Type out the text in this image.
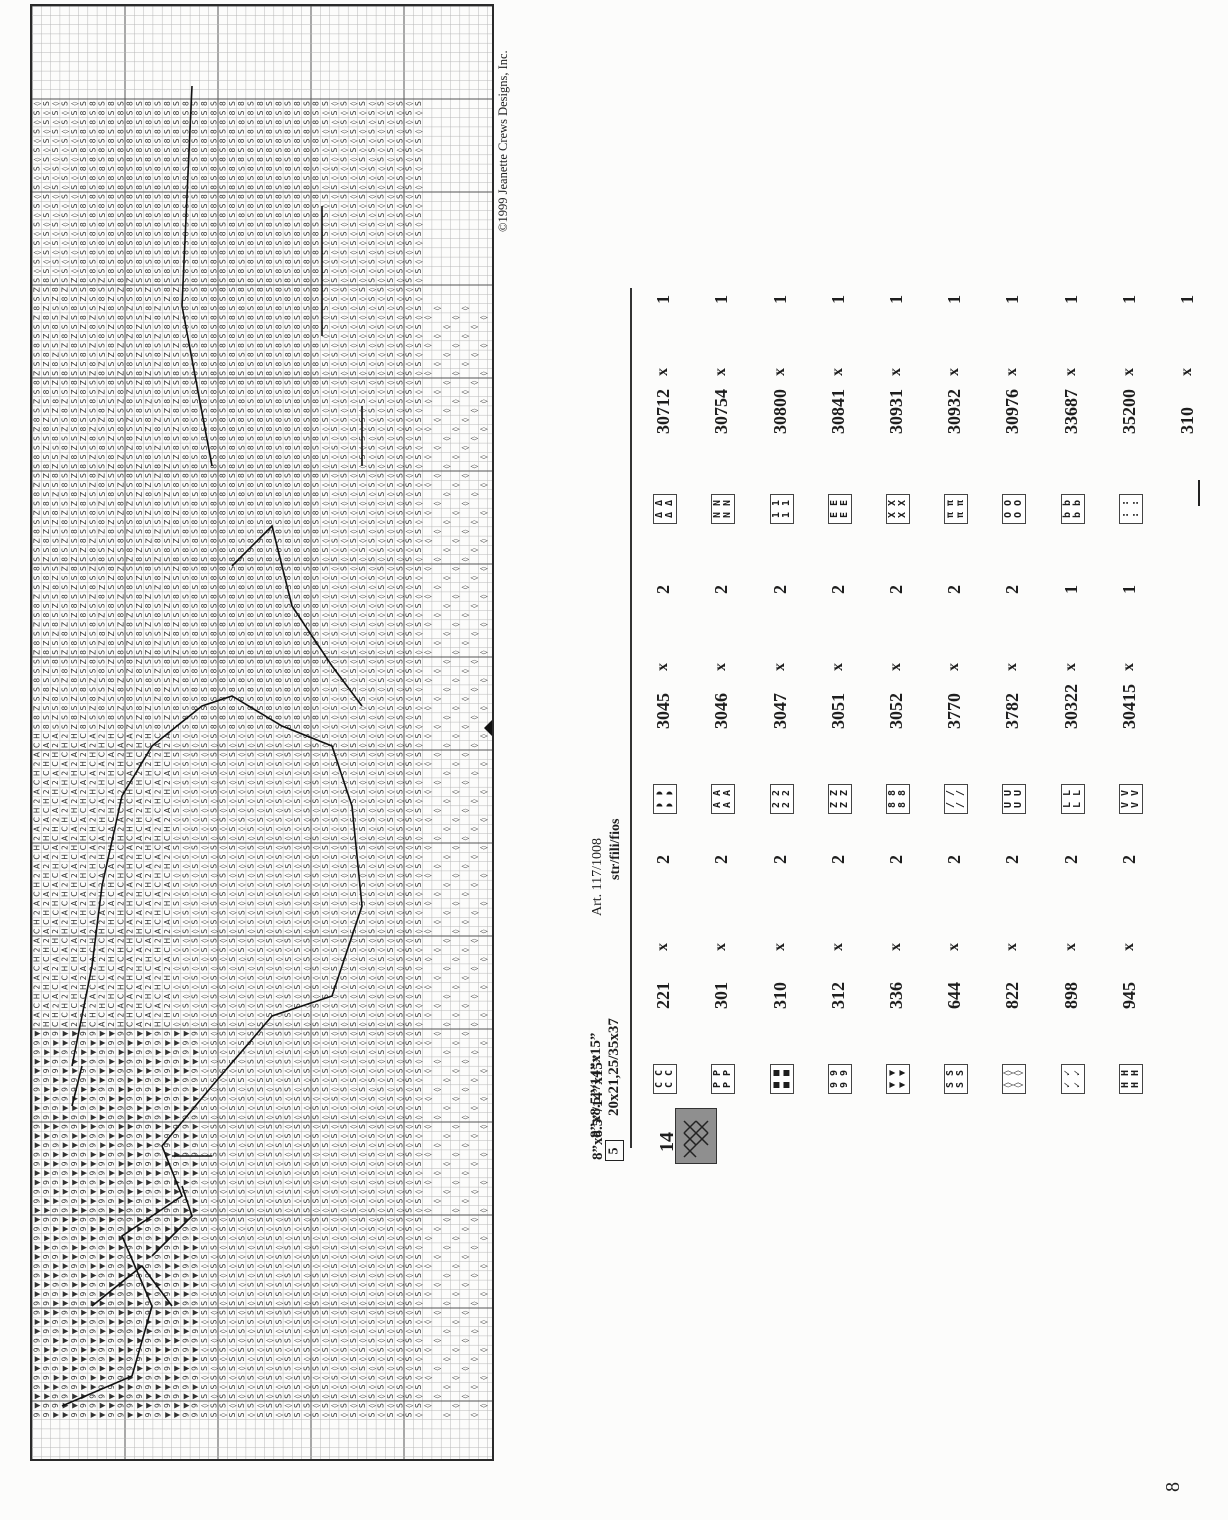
◊
S
◊
S
◊
S
◊
S
◊
S
◊
S
◊
S
◊
S
◊
S
◊
S
Z
S
8
Z
S
S
8
S
S
Z
8
S
Z
S
8
Z
S
S
8
S
S
Z
8
S
Z
S
8
Z
S
S
8
S
S
Z
8
S
Z
S
8
Z
S
S
8
S
S
Z
8
S
H
C
A
2
H
C
A
2
H
C
A
2
H
C
A
2
H
C
A
2
H
C
A
2
H
C
A
2
H
C
A
2
▼
9
9
▼
▼
9
9
▼
▼
9
9
▼
▼
9
9
▼
▼
9
9
▼
▼
9
9
▼
▼
9
9
▼
▼
9
9
▼
▼
9
9
▼
▼
9
9
▼
▼
9
S
◊
S
◊
S
◊
S
◊
S
◊
S
◊
S
◊
S
◊
S
◊
S
8
S
S
Z
8
S
Z
S
8
Z
S
S
8
S
S
Z
8
S
Z
S
8
Z
S
S
8
S
S
Z
8
S
Z
S
8
Z
S
S
8
S
S
Z
8
S
Z
S
8
Z
S
S
8
C
A
2
H
C
A
2
H
C
A
2
H
C
A
2
H
C
A
2
H
C
A
2
H
C
A
2
H
C
A
2
H
9
9
▼
▼
9
9
▼
▼
9
9
▼
▼
9
9
▼
▼
9
9
▼
▼
9
9
▼
▼
9
9
▼
▼
9
9
▼
▼
9
9
▼
▼
9
9
▼
▼
9
9
◊
S
◊
S
◊
S
◊
S
◊
S
◊
S
◊
S
◊
S
◊
S
◊
S
8
Z
S
S
8
S
S
Z
8
S
Z
S
8
Z
S
S
8
S
S
Z
8
S
Z
S
8
Z
S
S
8
S
S
Z
8
S
Z
S
8
Z
S
S
8
S
S
Z
8
S
Z
S
A
2
H
C
A
2
H
C
A
2
H
C
A
2
H
C
A
2
H
C
A
2
H
C
A
2
H
C
A
2
H
C
9
▼
▼
9
9
▼
▼
9
9
▼
▼
9
9
▼
▼
9
9
▼
▼
9
9
▼
▼
9
9
▼
▼
9
9
▼
▼
9
9
▼
▼
9
9
▼
▼
9
9
▼
S
◊
S
◊
S
◊
S
◊
S
◊
S
◊
S
◊
S
◊
S
◊
S
S
Z
8
S
Z
S
8
Z
S
S
8
S
S
Z
8
S
Z
S
8
Z
S
S
8
S
S
Z
8
S
Z
S
8
Z
S
S
8
S
S
Z
8
S
Z
S
8
Z
S
S
8
S
S
2
H
C
A
2
H
C
A
2
H
C
A
2
H
C
A
2
H
C
A
2
H
C
A
2
H
C
A
2
H
C
A
▼
▼
9
9
▼
▼
9
9
▼
▼
9
9
▼
▼
9
9
▼
▼
9
9
▼
▼
9
9
▼
▼
9
9
▼
▼
9
9
▼
▼
9
9
▼
▼
9
9
▼
▼
◊
S
◊
S
◊
S
◊
S
◊
S
◊
S
◊
S
◊
S
◊
S
◊
Z
S
S
8
S
S
Z
8
S
Z
S
8
Z
S
S
8
S
S
Z
8
S
Z
S
8
Z
S
S
8
S
S
Z
8
S
Z
S
8
Z
S
S
8
S
S
Z
8
S
Z
S
8
Z
H
C
A
2
H
C
A
2
H
C
A
2
H
C
A
2
H
C
A
2
H
C
A
2
H
C
A
2
H
C
A
2
▼
9
9
▼
▼
9
9
▼
▼
9
9
▼
▼
9
9
▼
▼
9
9
▼
▼
9
9
▼
▼
9
9
▼
▼
9
9
▼
▼
9
9
▼
▼
9
9
▼
▼
9
S
8
S
8
S
8
S
8
S
8
S
8
S
8
S
8
S
8
S
8
S
Z
S
8
Z
S
S
8
S
S
Z
8
S
Z
S
8
Z
S
S
8
S
S
Z
8
S
Z
S
8
Z
S
S
8
S
S
Z
8
S
Z
S
8
Z
S
S
8
S
S
Z
8
C
A
2
H
C
A
2
H
C
A
2
H
C
A
2
H
C
A
2
H
C
A
2
H
C
A
2
H
C
A
2
H
9
9
▼
▼
9
9
▼
▼
9
9
▼
▼
9
9
▼
▼
9
9
▼
▼
9
9
▼
▼
9
9
▼
▼
9
9
▼
▼
9
9
▼
▼
9
9
▼
▼
9
9
8
S
8
S
8
S
8
S
8
S
8
S
8
S
8
S
8
S
8
S
8
S
S
Z
8
S
Z
S
8
Z
S
S
8
S
S
Z
8
S
Z
S
8
Z
S
S
8
S
S
Z
8
S
Z
S
8
Z
S
S
8
S
S
Z
8
S
Z
S
8
Z
S
S
A
2
H
C
A
2
H
C
A
2
H
C
A
2
H
C
A
2
H
C
A
2
H
C
A
2
H
C
A
2
H
C
9
▼
▼
9
9
▼
▼
9
9
▼
▼
9
9
▼
▼
9
9
▼
▼
9
9
▼
▼
9
9
▼
▼
9
9
▼
▼
9
9
▼
▼
9
9
▼
▼
9
9
▼
S
8
S
8
S
8
S
8
S
8
S
8
S
8
S
8
S
8
S
Z
S
8
Z
S
S
8
S
S
Z
8
S
Z
S
8
Z
S
S
8
S
S
Z
8
S
Z
S
8
Z
S
S
8
S
S
Z
8
S
Z
S
8
Z
S
S
8
S
S
Z
8
S
Z
2
H
C
A
2
H
C
A
2
H
C
A
2
H
C
A
2
H
C
A
2
H
C
A
2
H
C
A
2
H
C
A
▼
▼
9
9
▼
▼
9
9
▼
▼
9
9
▼
▼
9
9
▼
▼
9
9
▼
▼
9
9
▼
▼
9
9
▼
▼
9
9
▼
▼
9
9
▼
▼
9
9
▼
▼
8
S
8
S
8
S
8
S
8
S
8
S
8
S
8
S
8
S
8
S
S
Z
8
S
Z
S
8
Z
S
S
8
S
S
Z
8
S
Z
S
8
Z
S
S
8
S
S
Z
8
S
Z
S
8
Z
S
S
8
S
S
Z
8
S
Z
S
8
Z
S
S
8
S
H
C
A
2
H
C
A
2
H
C
A
2
H
C
A
2
H
C
A
2
H
C
A
2
H
C
A
2
H
C
A
2
▼
9
9
▼
▼
9
9
▼
▼
9
9
▼
▼
9
9
▼
▼
9
9
▼
▼
9
9
▼
▼
9
9
▼
▼
9
9
▼
▼
9
9
▼
▼
9
9
▼
▼
9
S
8
S
8
S
8
S
8
S
8
S
8
S
8
S
8
S
8
S
8
Z
S
S
8
S
S
Z
8
S
Z
S
8
Z
S
S
8
S
S
Z
8
S
Z
S
8
Z
S
S
8
S
S
Z
8
S
Z
S
8
Z
S
S
8
S
S
Z
8
S
Z
S
8
C
A
2
H
C
A
2
H
C
A
2
H
C
A
2
H
C
A
2
H
C
A
2
H
C
A
2
H
C
A
2
H
9
9
▼
▼
9
9
▼
▼
9
9
▼
▼
9
9
▼
▼
9
9
▼
▼
9
9
▼
▼
9
9
▼
▼
9
9
▼
▼
9
9
▼
▼
9
9
▼
▼
9
9
8
S
8
S
8
S
8
S
8
S
8
S
8
S
8
S
8
S
8
Z
8
S
Z
S
8
Z
S
S
8
S
S
Z
8
S
Z
S
8
Z
S
S
8
S
S
Z
8
S
Z
S
8
Z
S
S
8
S
S
Z
8
S
Z
S
8
Z
S
S
8
S
S
Z
A
2
H
C
A
2
H
C
A
2
H
C
A
2
H
C
A
2
H
C
A
2
H
C
A
2
H
C
A
2
H
C
9
▼
▼
9
9
▼
▼
9
9
▼
▼
9
9
▼
▼
9
9
▼
▼
9
9
▼
▼
9
9
▼
▼
9
9
▼
▼
9
9
▼
▼
9
9
▼
▼
9
9
▼
S
8
S
8
S
8
S
8
S
8
S
8
S
8
S
8
S
8
S
S
S
8
S
S
Z
8
S
Z
S
8
Z
S
S
8
S
S
Z
8
S
Z
S
8
Z
S
S
8
S
S
Z
8
S
Z
S
8
Z
S
S
8
S
S
Z
8
S
Z
S
8
Z
S
2
H
C
A
2
H
C
A
2
H
C
A
2
H
C
A
2
H
C
A
2
H
C
A
2
H
C
A
2
H
C
A
▼
▼
9
9
▼
▼
9
9
▼
▼
9
9
▼
▼
9
9
▼
▼
9
9
▼
▼
9
9
▼
▼
9
9
▼
▼
9
9
▼
▼
9
9
▼
▼
9
9
▼
▼
8
S
8
S
8
S
8
S
8
S
8
S
8
S
8
S
8
S
8
S
Z
S
8
Z
S
S
8
S
S
Z
8
S
Z
S
8
Z
S
S
8
S
S
Z
8
S
Z
S
8
Z
S
S
8
S
S
Z
8
S
Z
S
8
Z
S
S
8
S
S
Z
8
S
H
C
A
2
H
C
A
2
H
C
A
2
H
C
A
2
H
C
A
2
H
C
A
2
H
C
A
2
H
C
A
2
▼
9
9
▼
▼
9
9
▼
▼
9
9
▼
▼
9
9
▼
▼
9
9
▼
▼
9
9
▼
▼
9
9
▼
▼
9
9
▼
▼
9
9
▼
▼
9
9
▼
▼
9
S
8
S
8
S
8
S
8
S
8
S
8
S
8
S
8
S
8
S
8
S
S
Z
8
S
Z
S
8
Z
S
S
8
S
S
Z
8
S
Z
S
8
Z
S
S
8
S
S
Z
8
S
Z
S
8
Z
S
S
8
S
S
Z
8
S
Z
S
8
Z
S
S
8
C
A
2
H
C
A
2
H
C
A
2
H
C
A
2
H
C
A
2
H
C
A
2
H
C
A
2
H
C
A
2
H
9
9
▼
▼
9
9
▼
▼
9
9
▼
▼
9
9
▼
▼
9
9
▼
▼
9
9
▼
▼
9
9
▼
▼
9
9
▼
▼
9
9
▼
▼
9
9
▼
▼
9
9
8
S
8
S
8
S
8
S
8
S
8
S
8
S
8
S
8
S
8
S
8
Z
S
S
8
S
S
Z
8
S
Z
S
8
Z
S
S
8
S
S
Z
8
S
Z
S
8
Z
S
S
8
S
S
Z
8
S
Z
S
8
Z
S
S
8
S
S
Z
8
S
Z
S
A
2
H
C
A
2
H
C
A
2
H
C
A
2
H
C
A
2
H
C
A
2
H
C
A
2
H
C
A
2
H
C
9
▼
▼
9
9
▼
▼
9
9
▼
▼
9
9
▼
▼
9
9
▼
▼
9
9
▼
▼
9
9
▼
▼
9
9
▼
▼
9
9
▼
▼
9
9
▼
▼
9
9
▼
S
8
S
8
S
8
S
8
S
8
S
8
S
8
S
8
S
8
S
S
Z
8
S
Z
S
8
Z
S
S
8
S
S
Z
8
S
Z
S
8
Z
S
S
8
S
S
Z
8
S
Z
S
8
Z
S
S
8
S
S
Z
8
S
Z
S
8
Z
S
S
8
S
S
S
◊
S
◊
S
◊
S
◊
S
◊
S
◊
S
◊
S
◊
S
◊
S
◊
S
◊
S
◊
S
◊
S
◊
S
◊
S
◊
▼
▼
9
9
▼
▼
9
9
▼
▼
9
9
▼
▼
9
9
▼
▼
9
9
▼
▼
9
9
▼
▼
9
9
▼
▼
9
9
▼
▼
9
9
▼
▼
9
9
▼
▼
8
S
8
S
8
S
8
S
8
S
8
S
8
S
8
S
8
S
8
S
8
S
8
S
8
S
8
S
8
S
8
S
8
S
8
S
8
S
8
S
8
S
8
S
8
S
8
S
8
S
8
S
8
S
8
S
8
S
8
S
8
S
8
S
8
S
8
S
◊
S
◊
S
◊
S
◊
S
◊
S
◊
S
◊
S
◊
S
◊
S
◊
S
◊
S
◊
S
◊
S
◊
S
◊
S
◊
S
▼
9
9
▼
▼
9
9
▼
▼
9
9
▼
▼
9
9
▼
▼
9
9
▼
▼
9
9
▼
▼
9
9
▼
▼
9
9
▼
▼
9
9
▼
▼
9
9
▼
▼
9
S
8
S
8
S
8
S
8
S
8
S
8
S
8
S
8
S
8
S
8
S
8
S
8
S
8
S
8
S
8
S
8
S
8
S
8
S
8
S
8
S
8
S
8
S
8
S
8
S
8
S
8
S
8
S
8
S
8
S
8
S
8
S
8
S
8
S
8
S
◊
S
◊
S
◊
S
◊
S
◊
S
◊
S
◊
S
◊
S
◊
S
◊
S
◊
S
◊
S
◊
S
◊
S
◊
S
◊
9
9
▼
▼
9
9
▼
▼
9
9
▼
▼
9
9
▼
▼
9
9
▼
▼
9
9
▼
▼
9
9
▼
▼
9
9
▼
▼
9
9
▼
▼
9
9
▼
▼
9
9
8
S
8
S
8
S
8
S
8
S
8
S
8
S
8
S
8
S
8
S
8
S
8
S
8
S
8
S
8
S
8
S
8
S
8
S
8
S
8
S
8
S
8
S
8
S
8
S
8
S
8
S
8
S
8
S
8
S
8
S
8
S
8
S
8
S
8
S
◊
S
◊
S
◊
S
◊
S
◊
S
◊
S
◊
S
◊
S
◊
S
◊
S
◊
S
◊
S
◊
S
◊
S
◊
S
◊
S
S
◊
S
S
◊
S
S
◊
S
S
◊
S
S
◊
S
S
◊
S
S
◊
S
S
◊
S
S
◊
S
S
◊
S
S
◊
S
S
◊
S
S
◊
S
S
◊
S
S
8
S
8
S
8
S
8
S
8
S
8
S
8
S
8
S
8
S
8
S
8
S
8
S
8
S
8
S
8
S
8
S
8
S
8
S
8
S
8
S
8
S
8
S
8
S
8
S
8
S
8
S
8
S
8
S
8
S
8
S
8
S
8
S
8
S
8
S
◊
S
◊
S
◊
S
◊
S
◊
S
◊
S
◊
S
◊
S
◊
S
◊
S
◊
S
◊
S
◊
S
◊
S
◊
S
◊
◊
S
S
◊
S
S
◊
S
S
◊
S
S
◊
S
S
◊
S
S
◊
S
S
◊
S
S
◊
S
S
◊
S
S
◊
S
S
◊
S
S
◊
S
S
◊
S
S
8
S
8
S
8
S
8
S
8
S
8
S
8
S
8
S
8
S
8
S
8
S
8
S
8
S
8
S
8
S
8
S
8
S
8
S
8
S
8
S
8
S
8
S
8
S
8
S
8
S
8
S
8
S
8
S
8
S
8
S
8
S
8
S
8
S
8
S
◊
S
◊
S
◊
S
◊
S
◊
S
◊
S
◊
S
◊
S
◊
S
◊
S
◊
S
◊
S
◊
S
◊
S
◊
S
◊
S
S
S
◊
S
S
◊
S
S
◊
S
S
◊
S
S
◊
S
S
◊
S
S
◊
S
S
◊
S
S
◊
S
S
◊
S
S
◊
S
S
◊
S
S
◊
S
S
◊
S
8
S
8
S
8
S
8
S
8
S
8
S
8
S
8
S
8
S
8
S
8
S
8
S
8
S
8
S
8
S
8
S
8
S
8
S
8
S
8
S
8
S
8
S
8
S
8
S
8
S
8
S
8
S
8
S
8
S
8
S
8
S
8
S
8
S
8
S
◊
S
◊
S
◊
S
◊
S
◊
S
◊
S
◊
S
◊
S
◊
S
◊
S
◊
S
◊
S
◊
S
◊
S
◊
S
◊
S
◊
S
S
◊
S
S
◊
S
S
◊
S
S
◊
S
S
◊
S
S
◊
S
S
◊
S
S
◊
S
S
◊
S
S
◊
S
S
◊
S
S
◊
S
S
◊
S
8
S
8
S
8
S
8
S
8
S
8
S
8
S
8
S
8
S
8
S
8
S
8
S
8
S
8
S
8
S
8
S
8
S
8
S
8
S
8
S
8
S
8
S
8
S
8
S
8
S
8
S
8
S
8
S
8
S
8
S
8
S
8
S
8
S
8
S
◊
S
◊
S
◊
S
◊
S
◊
S
◊
S
◊
S
◊
S
◊
S
◊
S
◊
S
◊
S
◊
S
◊
S
◊
S
◊
S
◊
S
S
◊
S
S
◊
S
S
◊
S
S
◊
S
S
◊
S
S
◊
S
S
◊
S
S
◊
S
S
◊
S
S
◊
S
S
◊
S
S
◊
S
S
◊
S
S
S
8
S
8
S
8
S
8
S
8
S
8
S
8
S
8
S
8
S
8
S
8
S
8
S
8
S
8
S
8
S
8
S
8
S
8
S
8
S
8
S
8
S
8
S
8
S
8
S
8
S
8
S
8
S
8
S
8
S
8
S
8
S
8
S
8
S
8
S
◊
S
◊
S
◊
S
◊
S
◊
S
◊
S
◊
S
◊
S
◊
S
◊
S
◊
S
◊
S
◊
S
◊
S
◊
S
◊
S
S
◊
S
S
◊
S
S
◊
S
S
◊
S
S
◊
S
S
◊
S
S
◊
S
S
◊
S
S
◊
S
S
◊
S
S
◊
S
S
◊
S
S
◊
S
S
◊
8
S
8
S
8
S
8
S
8
S
8
S
8
S
8
S
8
S
8
S
8
S
8
S
8
S
8
S
8
S
8
S
8
S
8
S
8
S
8
S
8
S
8
S
8
S
8
S
8
S
8
S
8
S
8
S
8
S
8
S
8
S
8
S
8
S
8
S
◊
S
◊
S
◊
S
◊
S
◊
S
◊
S
◊
S
◊
S
◊
S
◊
S
◊
S
◊
S
◊
S
◊
S
◊
S
◊
S
S
◊
S
S
◊
S
S
◊
S
S
◊
S
S
◊
S
S
◊
S
S
◊
S
S
◊
S
S
◊
S
S
◊
S
S
◊
S
S
◊
S
S
◊
S
S
◊
S
S
8
S
8
S
8
S
8
S
8
S
8
S
8
S
8
S
8
S
8
S
8
S
8
S
8
S
8
S
8
S
8
S
8
S
8
S
8
S
8
S
8
S
8
S
8
S
8
S
8
S
8
S
8
S
8
S
8
S
8
S
8
S
8
S
8
S
8
S
◊
S
◊
S
◊
S
◊
S
◊
S
◊
S
◊
S
◊
S
◊
S
◊
S
◊
S
◊
S
◊
S
◊
S
◊
S
◊
◊
S
S
◊
S
S
◊
S
S
◊
S
S
◊
S
S
◊
S
S
◊
S
S
◊
S
S
◊
S
S
◊
S
S
◊
S
S
◊
S
S
◊
S
S
◊
S
S
8
S
8
S
8
S
8
S
8
S
8
S
8
S
8
S
8
S
8
S
8
S
8
S
8
S
8
S
8
S
8
S
8
S
8
S
8
S
8
S
8
S
8
S
8
S
8
S
8
S
8
S
8
S
8
S
8
S
8
S
8
S
8
S
8
S
8
S
◊
S
◊
S
◊
S
◊
S
◊
S
◊
S
◊
S
◊
S
◊
S
◊
S
◊
S
◊
S
◊
S
◊
S
◊
S
◊
S
S
S
◊
S
S
◊
S
S
◊
S
S
◊
S
S
◊
S
S
◊
S
S
◊
S
S
◊
S
S
◊
S
S
◊
S
S
◊
S
S
◊
S
S
◊
S
S
◊
S
8
S
8
S
8
S
8
S
8
S
8
S
8
S
8
S
8
S
8
S
8
S
8
S
8
S
8
S
8
S
8
S
8
S
8
S
8
S
8
S
8
S
8
S
8
S
8
S
8
S
8
S
8
S
8
S
8
S
8
S
8
S
8
S
8
S
8
S
◊
S
◊
S
◊
S
◊
S
◊
S
◊
S
◊
S
◊
S
◊
S
◊
S
◊
S
◊
S
◊
S
◊
S
◊
S
◊
S
◊
S
S
◊
S
S
◊
S
S
◊
S
S
◊
S
S
◊
S
S
◊
S
S
◊
S
S
◊
S
S
◊
S
S
◊
S
S
◊
S
S
◊
S
S
◊
S
8
S
8
S
8
S
8
S
8
S
8
S
8
S
8
S
8
S
8
S
8
S
8
S
8
S
8
S
8
S
8
S
8
S
8
S
8
S
8
S
8
S
8
S
8
S
8
S
8
S
8
S
8
S
8
S
8
S
8
S
8
S
8
S
8
S
8
S
◊
S
◊
S
◊
S
◊
S
◊
S
◊
S
◊
S
◊
S
◊
S
◊
S
◊
S
◊
S
◊
S
◊
S
◊
S
◊
S
◊
S
S
◊
S
S
◊
S
S
◊
S
S
◊
S
S
◊
S
S
◊
S
S
◊
S
S
◊
S
S
◊
S
S
◊
S
S
◊
S
S
◊
S
S
◊
S
S
S
8
S
8
S
8
S
8
S
8
S
8
S
8
S
8
S
8
S
8
S
8
S
8
S
8
S
8
S
8
S
8
S
8
S
8
S
8
S
8
S
8
S
8
S
8
S
8
S
8
S
8
S
8
S
8
S
8
S
8
S
8
S
8
S
8
S
8
S
◊
S
◊
S
◊
S
◊
S
◊
S
◊
S
◊
S
◊
S
◊
S
◊
S
◊
S
◊
S
◊
S
◊
S
◊
S
◊
S
S
◊
S
S
◊
S
S
◊
S
S
◊
S
S
◊
S
S
◊
S
S
◊
S
S
◊
S
S
◊
S
S
◊
S
S
◊
S
S
◊
S
S
◊
S
S
◊
8
S
8
S
8
S
8
S
8
S
8
S
8
S
8
S
8
S
8
S
8
S
8
S
8
S
8
S
8
S
8
S
8
S
8
S
8
S
8
S
8
S
8
S
8
S
8
S
8
S
8
S
8
S
8
S
8
S
8
S
8
S
8
S
8
S
8
S
◊
S
◊
S
◊
S
◊
S
◊
S
◊
S
◊
S
◊
S
◊
S
◊
S
◊
S
◊
S
◊
S
◊
S
◊
S
◊
S
S
◊
S
S
◊
S
S
◊
S
S
◊
S
S
◊
S
S
◊
S
S
◊
S
S
◊
S
S
◊
S
S
◊
S
S
◊
S
S
◊
S
S
◊
S
S
◊
S
S
◊
S
◊
S
◊
S
◊
S
◊
S
◊
S
◊
S
◊
S
◊
S
◊
S
◊
S
◊
S
◊
S
◊
S
◊
S
◊
S
◊
S
◊
S
◊
S
◊
S
◊
S
◊
S
◊
S
◊
S
◊
S
◊
S
◊
S
◊
S
◊
S
◊
S
◊
S
◊
S
◊
S
◊
S
◊
S
◊
S
◊
S
◊
S
◊
S
◊
S
◊
S
◊
S
◊
S
◊
S
◊
S
◊
S
◊
S
◊
S
◊
S
◊
S
◊
S
◊
S
◊
S
◊
S
◊
S
◊
S
◊
S
◊
S
◊
S
◊
S
◊
S
◊
S
◊
S
◊
S
◊
S
◊
S
◊
S
◊
S
◊
S
◊
S
◊
◊
S
◊
S
◊
S
◊
S
◊
S
◊
S
◊
S
◊
S
◊
S
◊
S
◊
S
◊
S
◊
S
◊
S
◊
S
◊
S
◊
S
◊
S
◊
S
◊
S
◊
S
◊
S
◊
S
◊
S
◊
S
◊
S
◊
S
◊
S
◊
S
◊
S
◊
S
◊
S
◊
S
◊
S
◊
S
◊
S
◊
S
◊
S
◊
S
◊
S
◊
S
◊
S
◊
S
◊
S
◊
S
◊
S
◊
S
◊
S
◊
S
◊
S
◊
S
◊
S
◊
S
◊
S
◊
S
◊
S
◊
S
◊
S
◊
S
◊
S
◊
S
◊
S
◊
S
◊
S
◊
S
◊
S
◊
S
◊
S
◊
S
◊
S
◊
S
S
◊
S
◊
S
◊
S
◊
S
◊
S
◊
S
◊
S
◊
S
◊
S
◊
S
◊
S
◊
S
◊
S
◊
S
◊
S
◊
S
◊
S
◊
S
◊
S
◊
S
◊
S
◊
S
◊
S
◊
S
◊
S
◊
S
◊
S
◊
S
◊
S
◊
S
◊
S
◊
S
◊
S
◊
S
◊
S
◊
S
◊
S
◊
S
◊
S
◊
S
◊
S
◊
S
◊
S
◊
S
◊
S
◊
S
◊
S
◊
S
◊
S
◊
S
◊
S
◊
S
◊
S
◊
S
◊
S
◊
S
◊
S
◊
S
◊
S
◊
S
◊
S
◊
S
◊
S
◊
S
◊
S
◊
S
◊
S
◊
S
◊
S
◊
S
◊
◊
S
◊
S
◊
S
◊
S
◊
S
◊
S
◊
S
◊
S
◊
S
◊
S
◊
S
◊
S
◊
S
◊
S
◊
S
◊
S
◊
S
◊
S
◊
S
◊
S
◊
S
◊
S
◊
S
◊
S
◊
S
◊
S
◊
S
◊
S
◊
S
◊
S
◊
S
◊
S
◊
S
◊
S
◊
S
◊
S
◊
S
◊
S
◊
S
◊
S
◊
S
◊
S
◊
S
◊
S
◊
S
◊
S
◊
S
◊
S
◊
S
◊
S
◊
S
◊
S
◊
S
◊
S
◊
S
◊
S
◊
S
◊
S
◊
S
◊
S
◊
S
◊
S
◊
S
◊
S
◊
S
◊
S
◊
S
◊
S
◊
S
◊
S
◊
S
S
◊
S
◊
S
◊
S
◊
S
◊
S
◊
S
◊
S
◊
S
◊
S
◊
S
◊
S
◊
S
◊
S
◊
S
◊
S
◊
S
◊
S
◊
S
◊
S
◊
S
◊
S
◊
S
◊
S
◊
S
◊
S
◊
S
◊
S
◊
S
◊
S
◊
S
◊
S
◊
S
◊
S
◊
S
◊
S
◊
S
◊
S
◊
S
◊
S
◊
S
◊
S
◊
S
◊
S
◊
S
◊
S
◊
S
◊
S
◊
S
◊
S
◊
S
◊
S
◊
S
◊
S
◊
S
◊
S
◊
S
◊
S
◊
S
◊
S
◊
S
◊
S
◊
S
◊
S
◊
S
◊
S
◊
S
◊
S
◊
S
◊
S
◊
S
◊
◊
S
◊
S
◊
S
◊
S
◊
S
◊
S
◊
S
◊
S
◊
S
◊
S
◊
S
◊
S
◊
S
◊
S
◊
S
◊
S
◊
S
◊
S
◊
S
◊
S
◊
S
◊
S
◊
S
◊
S
◊
S
◊
S
◊
S
◊
S
◊
S
◊
S
◊
S
◊
S
◊
S
◊
S
◊
S
◊
S
◊
S
◊
S
◊
S
◊
S
◊
S
◊
S
◊
S
◊
S
◊
S
◊
S
◊
S
◊
S
◊
S
◊
S
◊
S
◊
S
◊
S
◊
S
◊
S
◊
S
◊
S
◊
S
◊
S
◊
S
◊
S
◊
S
◊
S
◊
S
◊
S
◊
S
◊
S
◊
S
◊
S
◊
S
◊
S
S
◊
S
◊
S
◊
S
◊
S
◊
S
◊
S
◊
S
◊
S
◊
S
◊
S
◊
S
◊
S
◊
S
◊
S
◊
S
◊
S
◊
S
◊
S
◊
S
◊
S
◊
S
◊
S
◊
S
◊
S
◊
S
◊
S
◊
S
◊
S
◊
S
◊
S
◊
S
◊
S
◊
S
◊
S
◊
S
◊
S
◊
S
◊
S
◊
S
◊
S
◊
S
◊
S
◊
S
◊
S
◊
S
◊
S
◊
S
◊
S
◊
S
◊
S
◊
S
◊
S
◊
S
◊
S
◊
S
◊
S
◊
S
◊
S
◊
S
◊
S
◊
S
◊
S
◊
S
◊
S
◊
S
◊
S
◊
S
◊
S
◊
S
◊
S
◊
◊
S
◊
S
◊
S
◊
S
◊
S
◊
S
◊
S
◊
S
◊
S
◊
S
◊
S
◊
S
◊
S
◊
S
◊
S
◊
S
◊
S
◊
S
◊
S
◊
S
◊
S
◊
S
◊
S
◊
S
◊
S
◊
S
◊
S
◊
S
◊
S
◊
S
◊
S
◊
S
◊
S
◊
S
◊
S
◊
S
◊
S
◊
S
◊
S
◊
S
◊
S
◊
S
◊
S
◊
S
◊
S
◊
S
◊
S
◊
S
◊
S
◊
S
◊
S
◊
S
◊
S
◊
S
◊
S
◊
S
◊
S
◊
S
◊
S
◊
S
◊
S
◊
S
◊
S
◊
S
◊
S
◊
S
◊
S
◊
S
◊
S
◊
S
◊
S
S
◊
S
◊
S
◊
S
◊
S
◊
S
◊
S
◊
S
◊
S
◊
S
◊
S
◊
S
◊
S
◊
S
◊
S
◊
S
◊
S
◊
S
◊
S
◊
S
◊
S
◊
S
◊
S
◊
S
◊
S
◊
S
◊
S
◊
S
◊
S
◊
S
◊
S
◊
S
◊
S
◊
S
◊
S
◊
S
◊
S
◊
S
◊
S
◊
S
◊
S
◊
S
◊
S
◊
S
◊
S
◊
S
◊
S
◊
S
◊
S
◊
S
◊
S
◊
S
◊
S
◊
S
◊
S
◊
S
◊
S
◊
S
◊
S
◊
S
◊
S
◊
S
◊
S
◊
S
◊
S
◊
S
◊
S
◊
S
◊
S
◊
S
◊
S
◊
◊
S
◊
S
◊
S
◊
S
◊
S
◊
S
◊
S
◊
S
◊
S
◊
S
◊
S
◊
S
◊
S
◊
S
◊
S
◊
S
◊
S
◊
S
◊
S
◊
S
◊
S
◊
S
◊
S
◊
S
◊
S
◊
S
◊
S
◊
S
◊
S
◊
S
◊
S
◊
S
◊
S
◊
S
◊
S
◊
S
◊
S
◊
S
◊
S
◊
S
◊
S
◊
S
◊
S
◊
S
◊
S
◊
S
◊
S
◊
S
◊
S
◊
S
◊
S
◊
S
◊
S
◊
S
◊
S
◊
S
◊
S
◊
S
◊
S
◊
S
◊
S
◊
S
◊
S
◊
S
◊
S
◊
S
◊
S
◊
S
◊
S
◊
S
◊
S
S
◊
S
◊
S
◊
S
◊
S
◊
S
◊
S
◊
S
◊
S
◊
S
◊
S
◊
S
◊
S
◊
S
◊
S
◊
S
◊
S
◊
S
◊
S
◊
S
◊
S
◊
S
◊
S
◊
S
◊
S
◊
S
◊
S
◊
S
◊
S
◊
S
◊
S
◊
S
◊
S
◊
S
◊
S
◊
S
◊
S
◊
S
◊
S
◊
S
◊
S
◊
S
◊
S
◊
S
◊
S
◊
S
◊
S
◊
S
◊
S
◊
S
◊
S
◊
S
◊
S
◊
S
◊
S
◊
S
◊
S
◊
S
◊
S
◊
S
◊
S
◊
S
◊
S
◊
S
◊
S
◊
S
◊
S
◊
S
◊
S
◊
S
◊
S
◊
◊
◊
◊
◊
◊
◊
◊
◊
◊
◊
◊
◊
◊
◊
◊
◊
◊
◊
◊
◊
◊
◊
◊
◊
◊
◊
◊
◊
◊
◊
◊
◊
◊
◊
◊
◊
◊
◊
◊
◊
◊
◊
◊
◊
◊
◊
◊
◊
◊
◊
◊
◊
◊
◊
◊
◊
◊
◊
◊
◊
◊
◊
◊
◊
◊
◊
◊
◊
◊
◊
◊
◊
◊
◊
◊
◊
◊
◊
◊
◊
◊
◊
◊
◊
◊
◊
◊
◊
◊
◊
◊
◊
◊
◊
◊
◊
◊
◊
◊
◊
◊
◊
◊
◊
◊
◊
◊
◊
◊
◊
◊
◊
◊
◊
◊
◊
◊
◊
◊
◊
◊
◊
◊
◊
◊
◊
◊
◊
◊
◊
◊
◊
◊
◊
◊
◊
◊
◊
◊
◊
◊
◊
◊
◊
◊
◊
◊
◊
◊
◊
◊
◊
◊
◊
◊
◊
◊
◊
◊
◊
◊
◊
◊
◊
◊
◊
◊
◊
◊
◊
◊
◊
◊
◊
◊
◊
◊
◊
◊
◊
◊
◊
◊
◊
◊
◊
◊
◊
◊
◊
◊
◊
◊
◊
◊
◊
◊
◊
◊
◊
◊
◊
◊
◊
◊
◊
◊
◊
◊
◊
◊
◊
◊
◊
◊
◊
◊
◊
◊
◊
◊
◊
◊
◊
◊
◊
◊
◊
◊
◊
◊
◊
◊
◊
◊
◊
◊
◊
◊
◊
◊
◊
◊
◊
◊
◊
◊
◊
◊
◊
◊
◊
◊
◊
◊
◊
◊
◊
◊
◊
◊
◊
◊
◊
◊
◊
◊
◊
◊
◊
◊
◊
◊
◊
◊
◊
◊
◊
◊
◊
©1999 Jeanette Crews Designs, Inc.
8”x8.5”/14”x15”
8”x8.5”/14”x15”
5
20x21,25/35x37
Art. 117/1008 str/fili/fios
14
C C
C C
221
x
2
P P
P P
301
x
2
■ ■
■ ■
310
x
2
9 9
9 9
312
x
2
▼ ▼
▼ ▼
336
x
2
S S
S S
644
x
2
◊ ◊
◊ ◊
822
x
2
✓ ✓
✓ ✓
898
x
2
H H
H H
945
x
2
◗ ◗
◗ ◗
3045
x
2
A A
A A
3046
x
2
2 2
2 2
3047
x
2
Z Z
Z Z
3051
x
2
8 8
8 8
3052
x
2
/ /
/ /
3770
x
2
U U
U U
3782
x
2
L L
L L
30322
x
1
V V
V V
30415
x
1
Δ Δ
Δ Δ
30712
x
1
N N
N N
30754
x
1
1 1
1 1
30800
x
1
E E
E E
30841
x
1
X X
X X
30931
x
1
π π
π π
30932
x
1
O O
O O
30976
x
1
b b
b b
33687
x
1
: :
: :
35200
x
1
310
x
1
8
